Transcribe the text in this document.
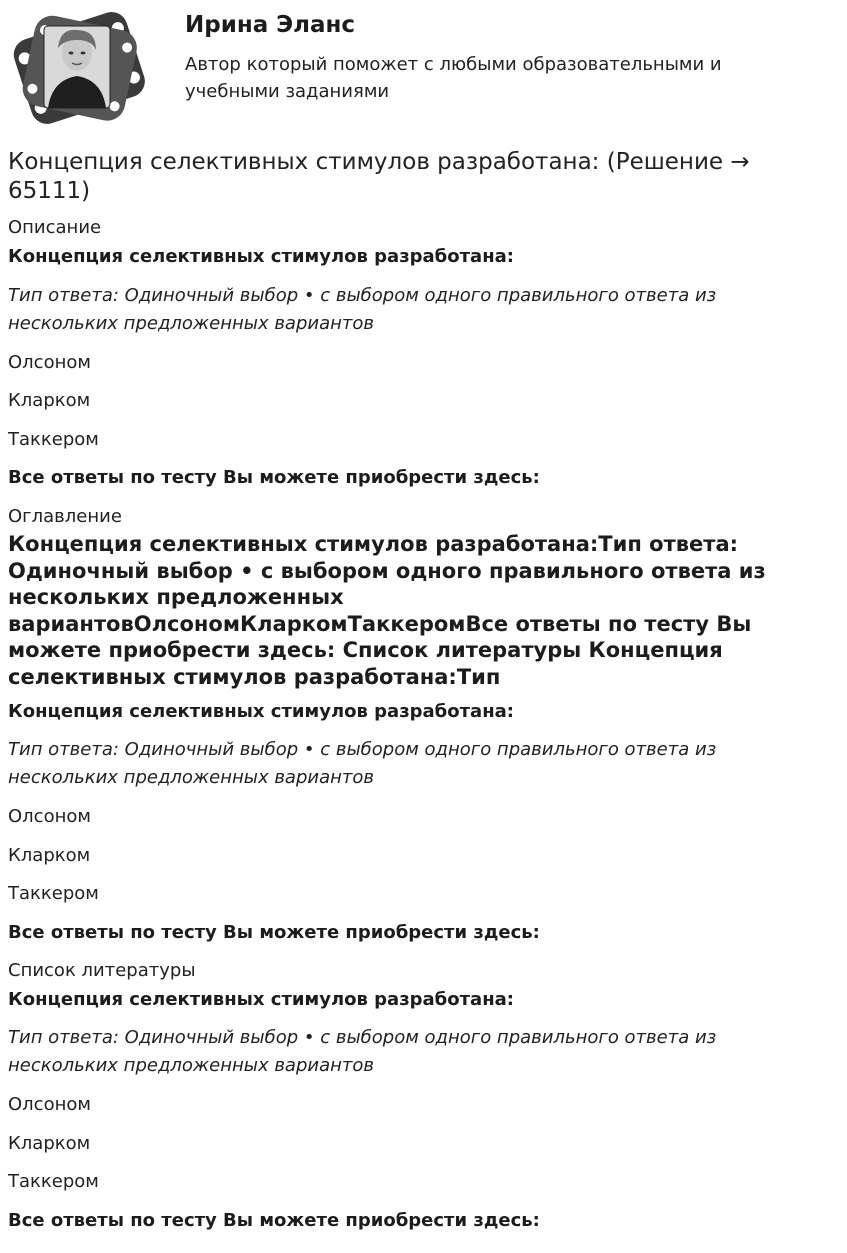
Ирина Эланс
Автор который поможет с любыми образовательными и учебными заданиями
Концепция селективных стимулов разработана: (Решение → 65111)

Описание

Концепция селективных стимулов разработана:

Тип ответа: Одиночный выбор • с выбором одного правильного ответа из нескольких предложенных вариантов

Олсоном

Кларком

Таккером

Все ответы по тесту Вы можете приобрести здесь:

Оглавление

Концепция селективных стимулов разработана:Тип ответа: Одиночный выбор • с выбором одного правильного ответа из нескольких предложенных вариантовОлсономКларкомТаккеромВсе ответы по тесту Вы можете приобрести здесь: Список литературы Концепция селективных стимулов разработана:Тип

Концепция селективных стимулов разработана:

Тип ответа: Одиночный выбор • с выбором одного правильного ответа из нескольких предложенных вариантов

Олсоном

Кларком

Таккером

Все ответы по тесту Вы можете приобрести здесь:

Список литературы

Концепция селективных стимулов разработана:

Тип ответа: Одиночный выбор • с выбором одного правильного ответа из нескольких предложенных вариантов

Олсоном

Кларком

Таккером

Все ответы по тесту Вы можете приобрести здесь:
